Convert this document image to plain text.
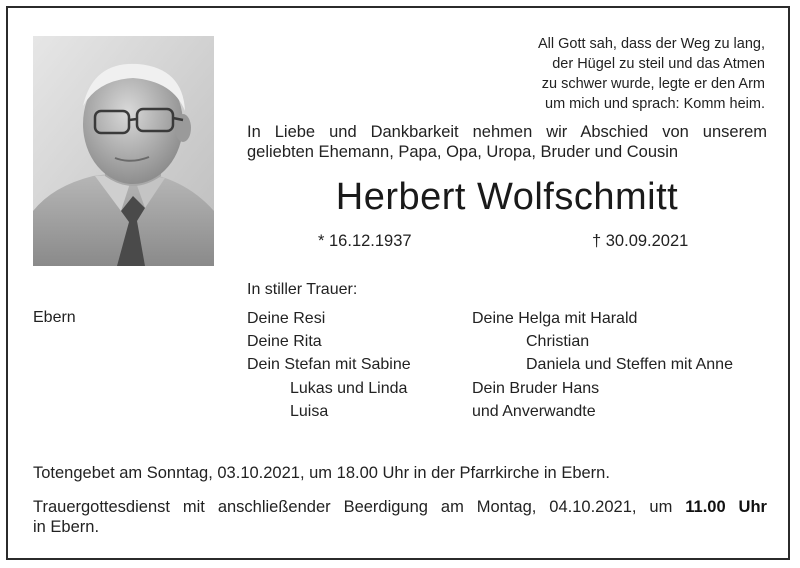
All Gott sah, dass der Weg zu lang,
der Hügel zu steil und das Atmen
zu schwer wurde, legte er den Arm
um mich und sprach: Komm heim.
In Liebe und Dankbarkeit nehmen wir Abschied von unserem
geliebten Ehemann, Papa, Opa, Uropa, Bruder und Cousin
Herbert Wolfschmitt
* 16.12.1937	† 30.09.2021
In stiller Trauer:
Ebern	Deine Resi
Deine Rita
Dein Stefan mit Sabine
Lukas und Linda
Luisa
Deine Helga mit Harald
Christian
Daniela und Steffen mit Anne
Dein Bruder Hans
und Anverwandte
Totengebet am Sonntag, 03.10.2021, um 18.00 Uhr in der Pfarrkirche in Ebern.
Trauergottesdienst mit anschließender Beerdigung am Montag, 04.10.2021, um 11.00 Uhr
in Ebern.
